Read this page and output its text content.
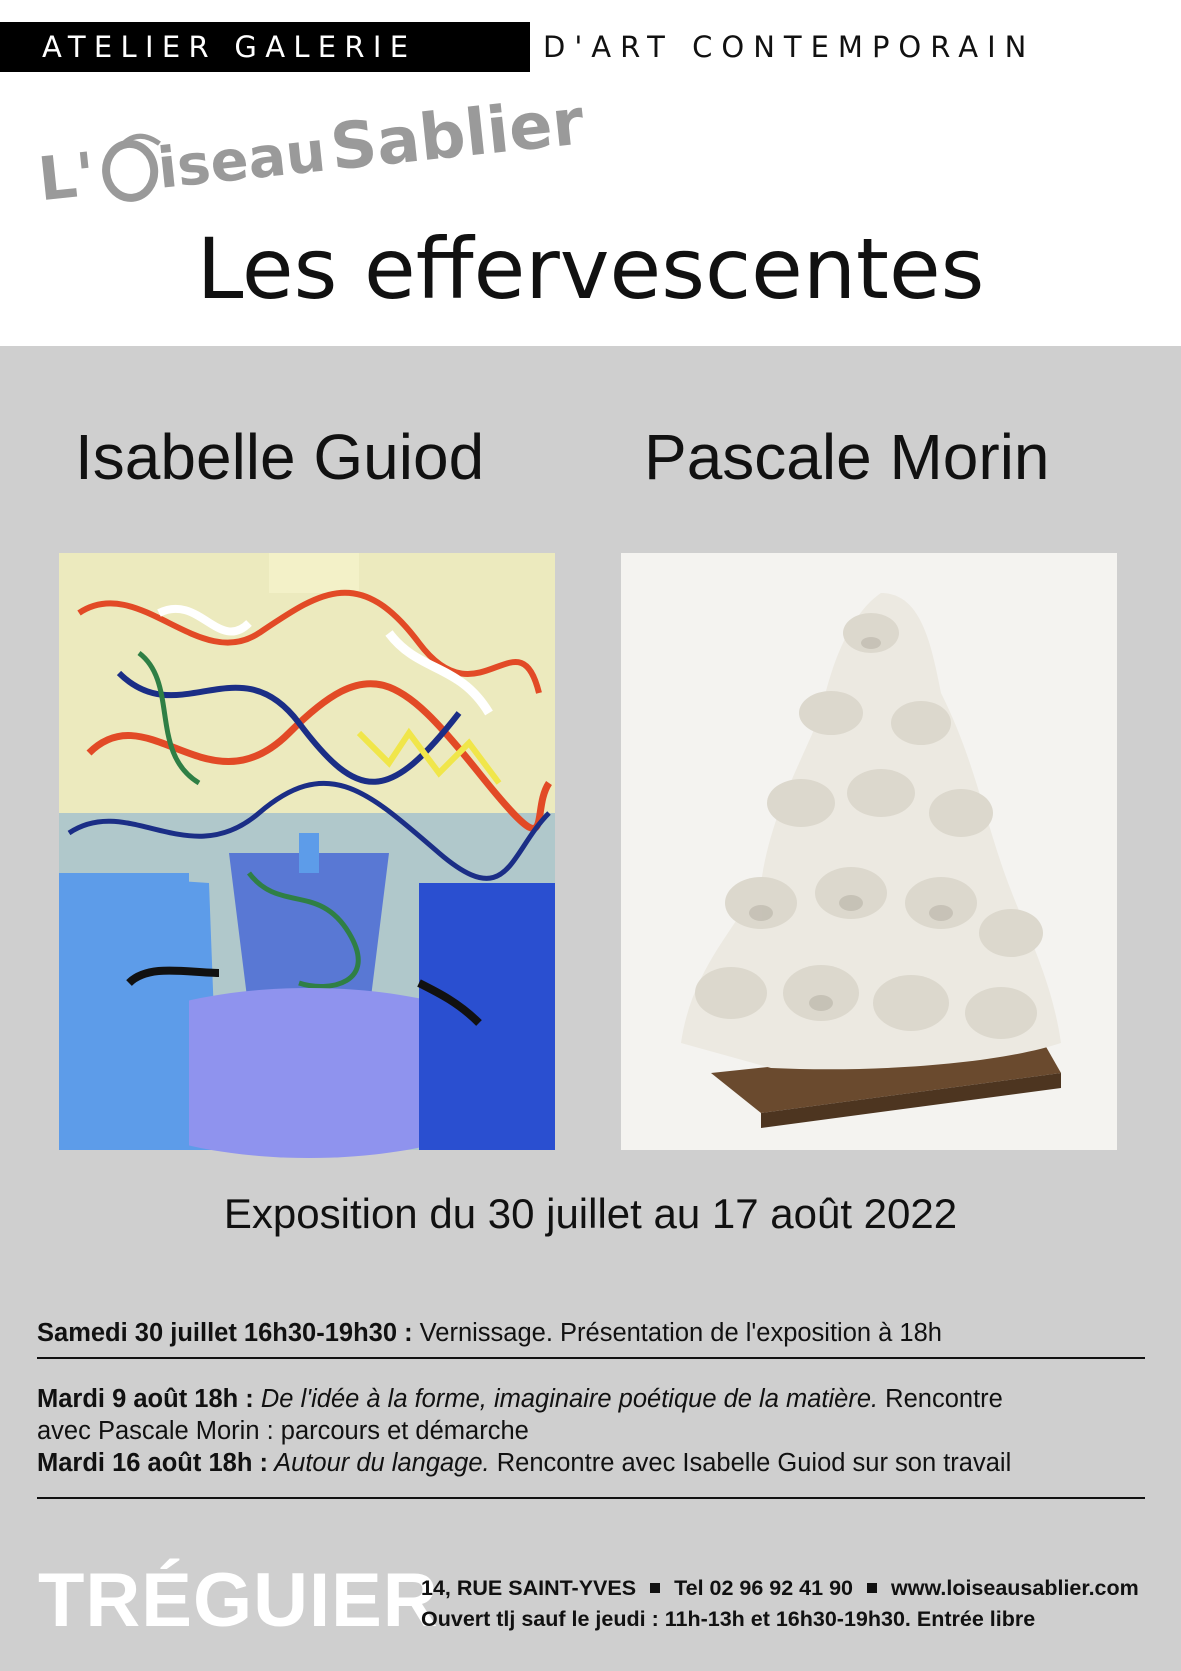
ATELIER GALERIE	D'ART CONTEMPORAIN
L' iseau
Sablier
Les effervescentes
Isabelle Guiod Pascale Morin
Exposition du 30 juillet au 17 août 2022
Samedi 30 juillet 16h30-19h30 : Vernissage. Présentation de l'exposition à 18h
Mardi 9 août 18h : De l'idée à la forme, imaginaire poétique de la matière. Rencontre
avec Pascale Morin : parcours et démarche
Mardi 16 août 18h : Autour du langage. Rencontre avec Isabelle Guiod sur son travail
TRÉGUIER
14, RUE SAINT-YVES Tel 02 96 92 41 90 www.loiseausablier.com
Ouvert tlj sauf le jeudi : 11h-13h et 16h30-19h30. Entrée libre
